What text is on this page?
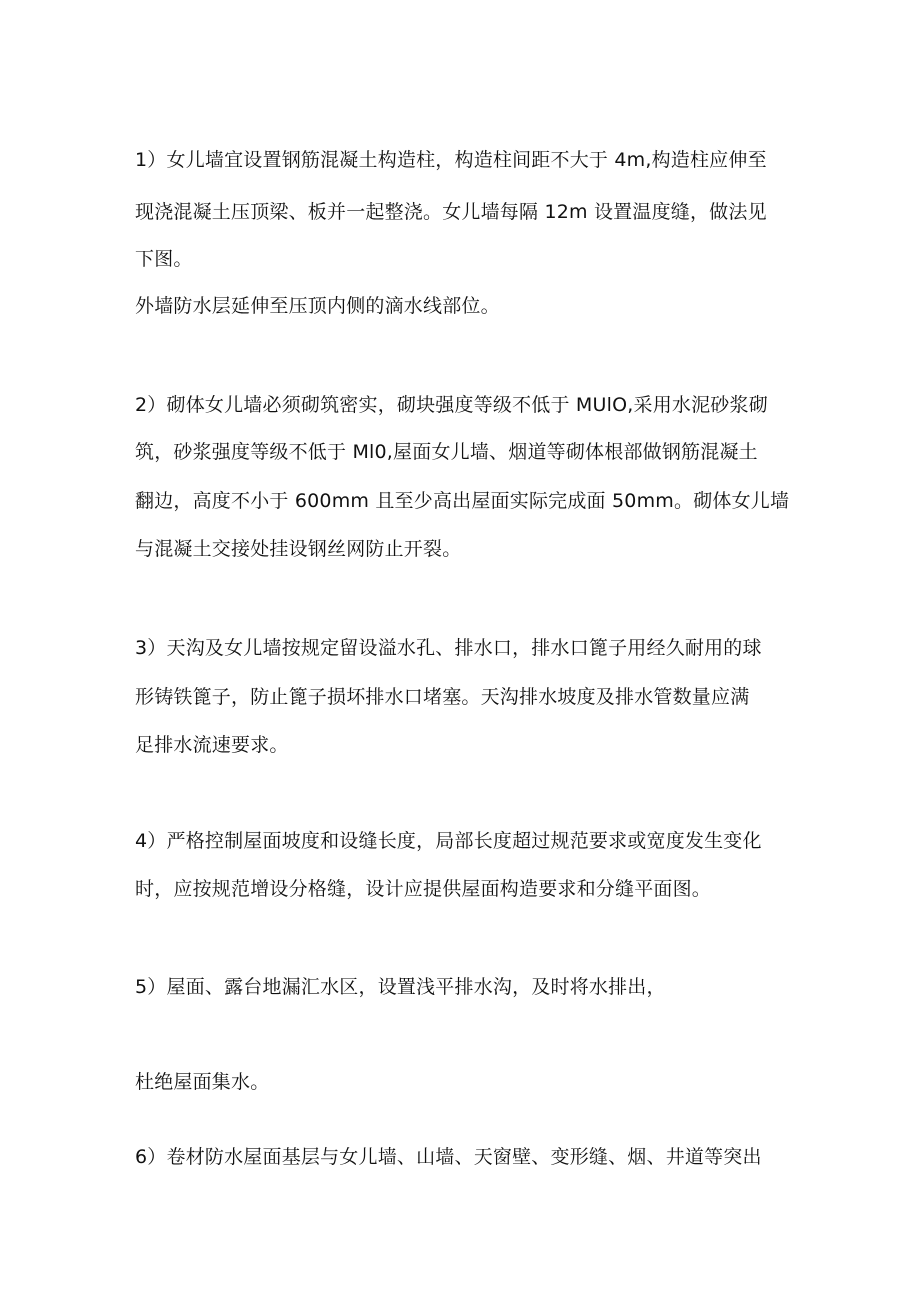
1）女儿墙宜设置钢筋混凝土构造柱，构造柱间距不大于 4m,构造柱应伸至
现浇混凝土压顶梁、板并一起整浇。女儿墙每隔 12m 设置温度缝，做法见
下图。
外墙防水层延伸至压顶内侧的滴水线部位。
2）砌体女儿墙必须砌筑密实，砌块强度等级不低于 MUlO,采用水泥砂浆砌
筑，砂浆强度等级不低于 Ml0,屋面女儿墙、烟道等砌体根部做钢筋混凝土
翻边，高度不小于 600mm 且至少高出屋面实际完成面 50mm。砌体女儿墙
与混凝土交接处挂设钢丝网防止开裂。
3）天沟及女儿墙按规定留设溢水孔、排水口，排水口篦子用经久耐用的球
形铸铁篦子，防止篦子损坏排水口堵塞。天沟排水坡度及排水管数量应满
足排水流速要求。
4）严格控制屋面坡度和设缝长度，局部长度超过规范要求或宽度发生变化
时，应按规范增设分格缝，设计应提供屋面构造要求和分缝平面图。
5）屋面、露台地漏汇水区，设置浅平排水沟，及时将水排出，
杜绝屋面集水。
6）卷材防水屋面基层与女儿墙、山墙、天窗壁、变形缝、烟、井道等突出
